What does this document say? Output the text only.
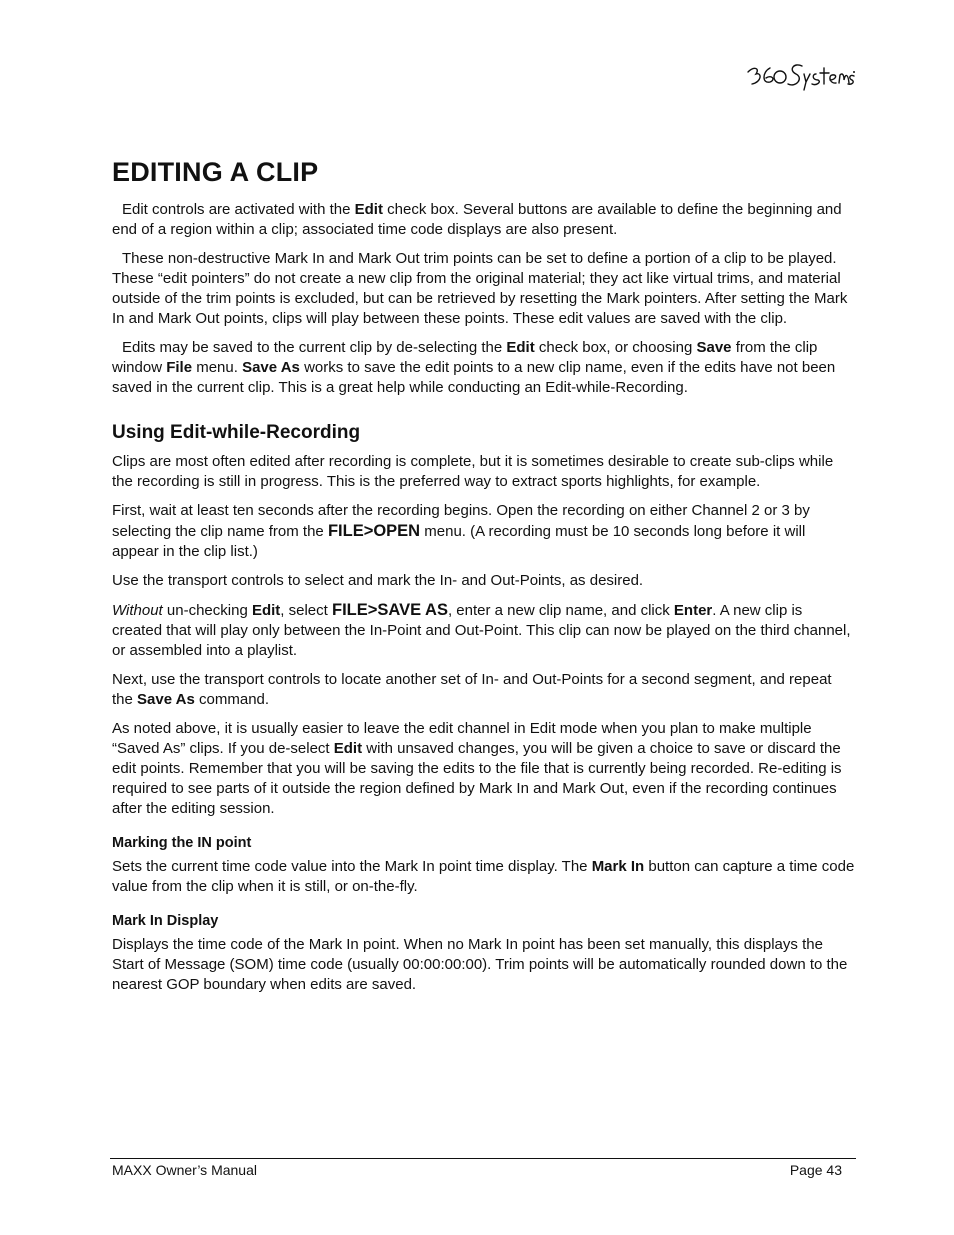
EDITING A CLIP

Edit controls are activated with the Edit check box. Several buttons are available to define the beginning and end of a region within a clip; associated time code displays are also present.

These non-destructive Mark In and Mark Out trim points can be set to define a portion of a clip to be played. These “edit pointers” do not create a new clip from the original material; they act like virtual trims, and material outside of the trim points is excluded, but can be retrieved by resetting the Mark pointers. After setting the Mark In and Mark Out points, clips will play between these points. These edit values are saved with the clip.

Edits may be saved to the current clip by de-selecting the Edit check box, or choosing Save from the clip window File menu. Save As works to save the edit points to a new clip name, even if the edits have not been saved in the current clip. This is a great help while conducting an Edit-while-Recording.

Using Edit-while-Recording

Clips are most often edited after recording is complete, but it is sometimes desirable to create sub-clips while the recording is still in progress. This is the preferred way to extract sports highlights, for example.

First, wait at least ten seconds after the recording begins. Open the recording on either Channel 2 or 3 by selecting the clip name from the FILE>OPEN menu. (A recording must be 10 seconds long before it will appear in the clip list.)

Use the transport controls to select and mark the In- and Out-Points, as desired.

Without un-checking Edit, select FILE>SAVE AS, enter a new clip name, and click Enter. A new clip is created that will play only between the In-Point and Out-Point. This clip can now be played on the third channel, or assembled into a playlist.

Next, use the transport controls to locate another set of In- and Out-Points for a second segment, and repeat the Save As command.

As noted above, it is usually easier to leave the edit channel in Edit mode when you plan to make multiple “Saved As” clips. If you de-select Edit with unsaved changes, you will be given a choice to save or discard the edit points. Remember that you will be saving the edits to the file that is currently being recorded. Re-editing is required to see parts of it outside the region defined by Mark In and Mark Out, even if the recording continues after the editing session.

Marking the IN point

Sets the current time code value into the Mark In point time display. The Mark In button can capture a time code value from the clip when it is still, or on-the-fly.

Mark In Display

Displays the time code of the Mark In point. When no Mark In point has been set manually, this displays the Start of Message (SOM) time code (usually 00:00:00:00). Trim points will be automatically rounded down to the nearest GOP boundary when edits are saved.

MAXX Owner’s Manual	Page 43
